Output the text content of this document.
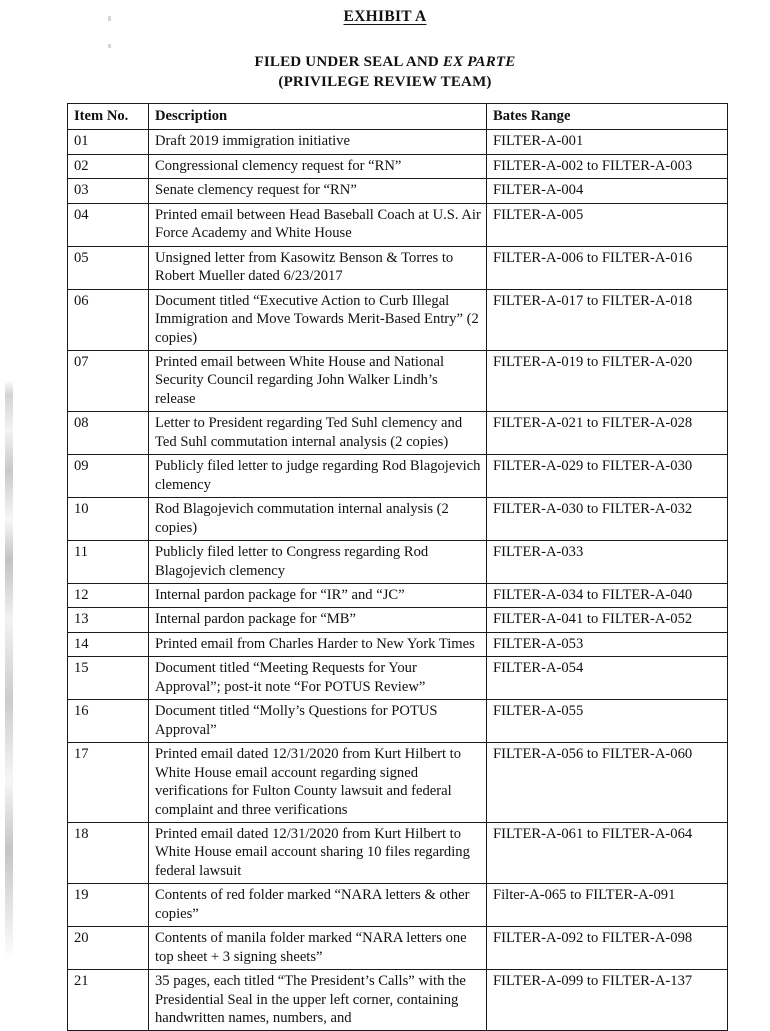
EXHIBIT A
FILED UNDER SEAL AND EX PARTE
(PRIVILEGE REVIEW TEAM)
Item No.	Description	Bates Range
01	Draft 2019 immigration initiative	FILTER-A-001
02	Congressional clemency request for “RN”	FILTER-A-002 to FILTER-A-003
03	Senate clemency request for “RN”	FILTER-A-004
04	Printed email between Head Baseball Coach at U.S. Air Force Academy and White House	FILTER-A-005
05	Unsigned letter from Kasowitz Benson & Torres to Robert Mueller dated 6/23/2017	FILTER-A-006 to FILTER-A-016
06	Document titled “Executive Action to Curb Illegal Immigration and Move Towards Merit-Based Entry” (2 copies)	FILTER-A-017 to FILTER-A-018
07	Printed email between White House and National Security Council regarding John Walker Lindh’s release	FILTER-A-019 to FILTER-A-020
08	Letter to President regarding Ted Suhl clemency and Ted Suhl commutation internal analysis (2 copies)	FILTER-A-021 to FILTER-A-028
09	Publicly filed letter to judge regarding Rod Blagojevich clemency	FILTER-A-029 to FILTER-A-030
10	Rod Blagojevich commutation internal analysis (2 copies)	FILTER-A-030 to FILTER-A-032
11	Publicly filed letter to Congress regarding Rod Blagojevich clemency	FILTER-A-033
12	Internal pardon package for “IR” and “JC”	FILTER-A-034 to FILTER-A-040
13	Internal pardon package for “MB”	FILTER-A-041 to FILTER-A-052
14	Printed email from Charles Harder to New York Times	FILTER-A-053
15	Document titled “Meeting Requests for Your Approval”; post-it note “For POTUS Review”	FILTER-A-054
16	Document titled “Molly’s Questions for POTUS Approval”	FILTER-A-055
17	Printed email dated 12/31/2020 from Kurt Hilbert to White House email account regarding signed verifications for Fulton County lawsuit and federal complaint and three verifications	FILTER-A-056 to FILTER-A-060
18	Printed email dated 12/31/2020 from Kurt Hilbert to White House email account sharing 10 files regarding federal lawsuit	FILTER-A-061 to FILTER-A-064
19	Contents of red folder marked “NARA letters & other copies”	Filter-A-065 to FILTER-A-091
20	Contents of manila folder marked “NARA letters one top sheet + 3 signing sheets”	FILTER-A-092 to FILTER-A-098
21	35 pages, each titled “The President’s Calls” with the Presidential Seal in the upper left corner, containing handwritten names, numbers, and	FILTER-A-099 to FILTER-A-137
